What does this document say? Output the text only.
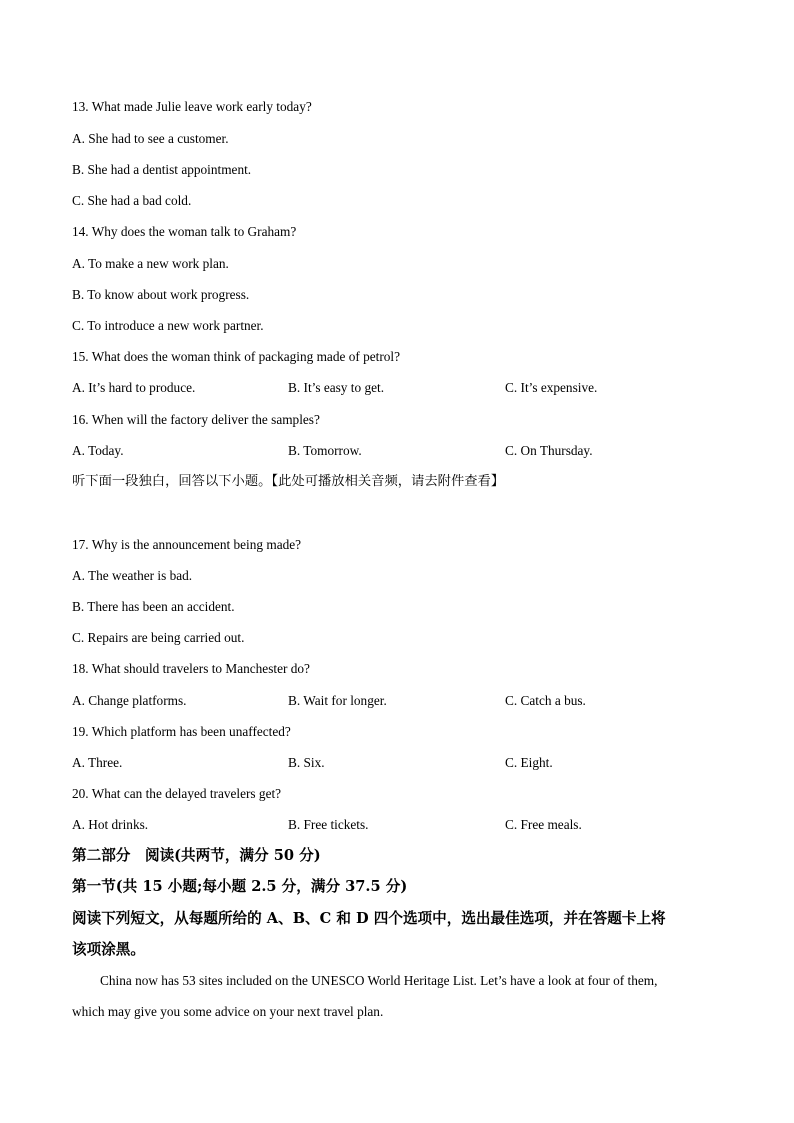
13. What made Julie leave work early today?
A. She had to see a customer.
B. She had a dentist appointment.
C. She had a bad cold.
14. Why does the woman talk to Graham?
A. To make a new work plan.
B. To know about work progress.
C. To introduce a new work partner.
15. What does the woman think of packaging made of petrol?
A. It’s hard to produce.	B. It’s easy to get.	C. It’s expensive.
16. When will the factory deliver the samples?
A. Today.	B. Tomorrow.	C. On Thursday.
听下面一段独白，回答以下小题。【此处可播放相关音频，请去附件查看】
17. Why is the announcement being made?
A. The weather is bad.
B. There has been an accident.
C. Repairs are being carried out.
18. What should travelers to Manchester do?
A. Change platforms.	B. Wait for longer.	C. Catch a bus.
19. Which platform has been unaffected?
A. Three.	B. Six.	C. Eight.
20. What can the delayed travelers get?
A. Hot drinks.	B. Free tickets.	C. Free meals.
第二部分　阅读(共两节，满分 50 分)
第一节(共 15 小题;每小题 2.5 分，满分 37.5 分)
阅读下列短文，从每题所给的 A、B、C 和 D 四个选项中，选出最佳选项，并在答题卡上将
该项涂黑。
China now has 53 sites included on the UNESCO World Heritage List. Let’s have a look at four of them,
which may give you some advice on your next travel plan.
